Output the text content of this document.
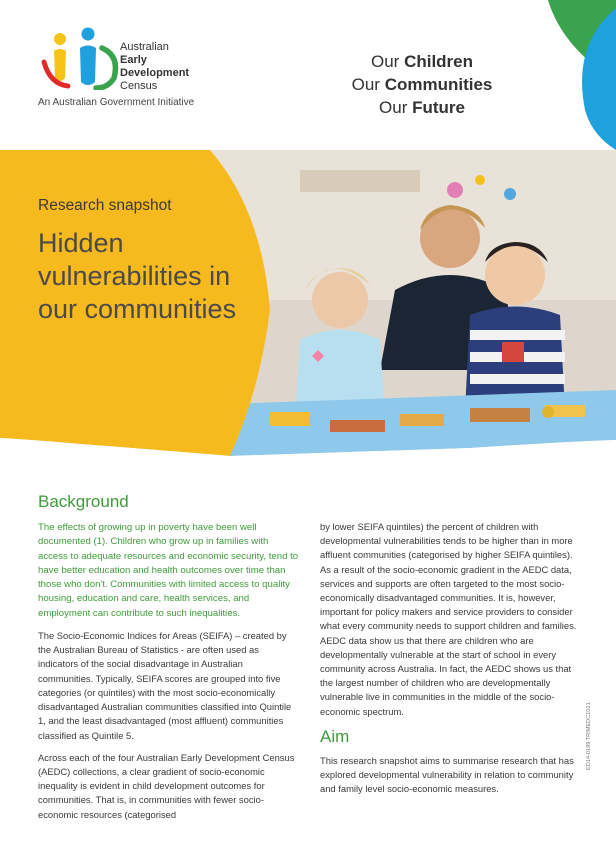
Australian
Early
Development
Census
An Australian Government Initiative
Our Children
Our Communities
Our Future
Research snapshot
Hidden vulnerabilities in our communities
Background

The effects of growing up in poverty have been well documented (1). Children who grow up in families with access to adequate resources and economic security, tend to have better education and health outcomes over time than those who don't. Communities with limited access to quality housing, education and care, health services, and employment can contribute to such inequalities.

The Socio-Economic Indices for Areas (SEIFA) – created by the Australian Bureau of Statistics - are often used as indicators of the social disadvantage in Australian communities. Typically, SEIFA scores are grouped into five categories (or quintiles) with the most socio-economically disadvantaged Australian communities classified into Quintile 1, and the least disadvantaged (most affluent) communities classified as Quintile 5.

Across each of the four Australian Early Development Census (AEDC) collections, a clear gradient of socio-economic inequality is evident in child development outcomes for communities. That is, in communities with fewer socio-economic resources (categorised

by lower SEIFA quintiles) the percent of children with developmental vulnerabilities tends to be higher than in more affluent communities (categorised by higher SEIFA quintiles). As a result of the socio-economic gradient in the AEDC data, services and supports are often targeted to the most socio-economically disadvantaged communities. It is, however, important for policy makers and service providers to consider what every community needs to support children and families. AEDC data show us that there are children who are developmentally vulnerable at the start of school in every community across Australia. In fact, the AEDC shows us that the largest number of children who are developmentally vulnerable live in communities in the middle of the socio-economic spectrum.

Aim

This research snapshot aims to summarise research that has explored developmental vulnerability in relation to community and family level socio-economic measures.

ED14-0199 TRIMEDC1021
